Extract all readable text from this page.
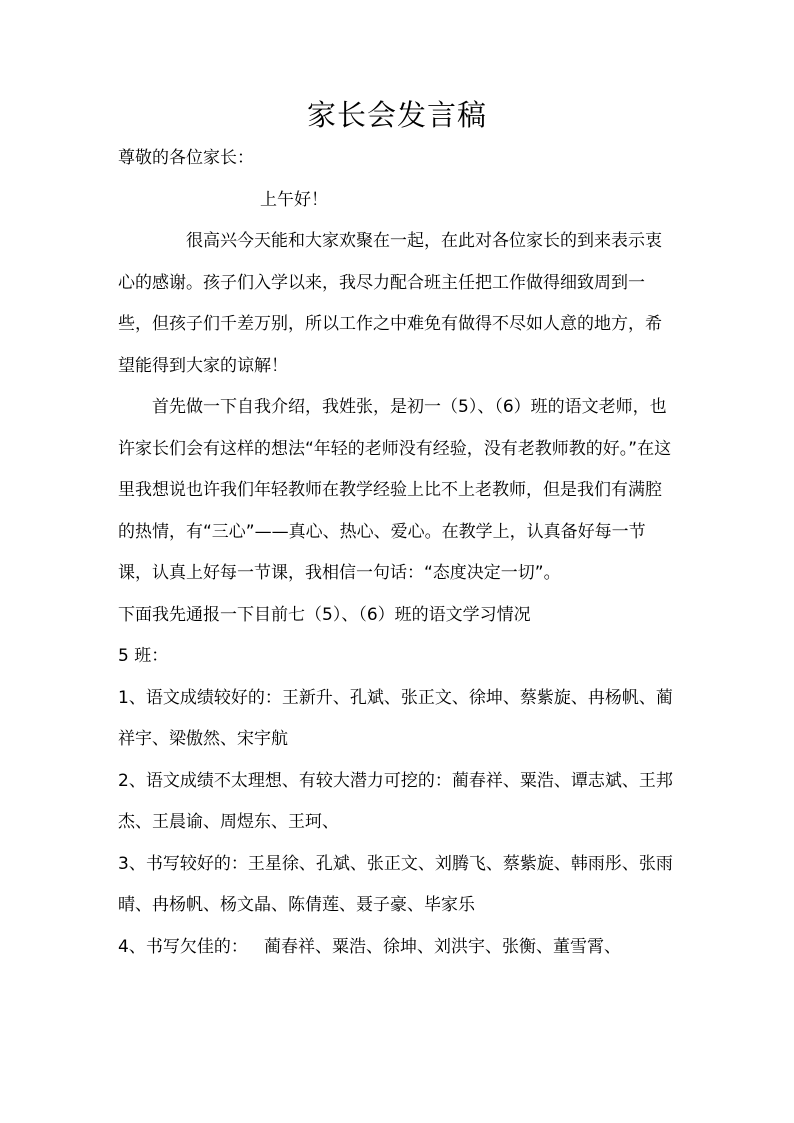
家长会发言稿

尊敬的各位家长：

上午好！

很高兴今天能和大家欢聚在一起，在此对各位家长的到来表示衷心的感谢。孩子们入学以来，我尽力配合班主任把工作做得细致周到一些，但孩子们千差万别，所以工作之中难免有做得不尽如人意的地方，希望能得到大家的谅解！

首先做一下自我介绍，我姓张，是初一（5）、（6）班的语文老师，也许家长们会有这样的想法“年轻的老师没有经验，没有老教师教的好。”在这里我想说也许我们年轻教师在教学经验上比不上老教师，但是我们有满腔的热情，有“三心”——真心、热心、爱心。在教学上，认真备好每一节课，认真上好每一节课，我相信一句话：“态度决定一切”。

下面我先通报一下目前七（5）、（6）班的语文学习情况

5 班：

1、语文成绩较好的：王新升、孔斌、张正文、徐坤、蔡紫旋、冉杨帆、蔺祥宇、梁傲然、宋宇航

2、语文成绩不太理想、有较大潜力可挖的：蔺春祥、粟浩、谭志斌、王邦杰、王晨谕、周煜东、王珂、

3、书写较好的：王星徐、孔斌、张正文、刘腾飞、蔡紫旋、韩雨彤、张雨晴、冉杨帆、杨文晶、陈倩莲、聂子豪、毕家乐

4、书写欠佳的：   蔺春祥、粟浩、徐坤、刘洪宇、张衡、董雪霄、
